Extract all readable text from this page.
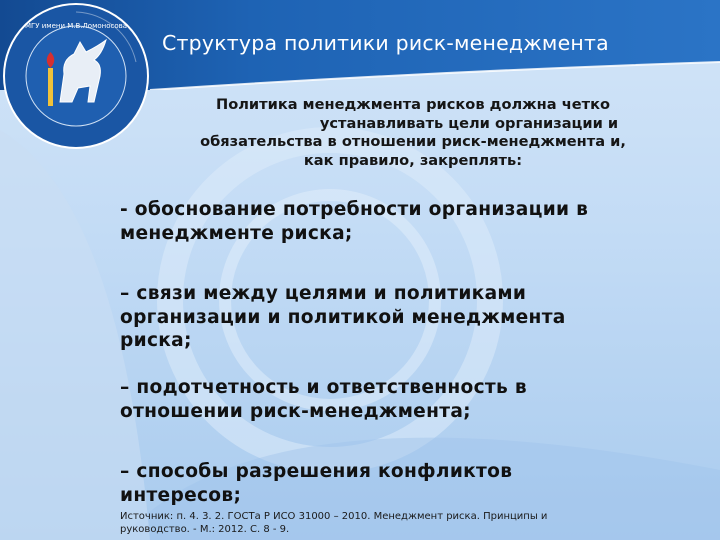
МГУ имени М.В.Ломоносова
Структура политики риск-менеджмента
Политика менеджмента рисков должна четко
устанавливать цели организации и
обязательства в отношении риск-менеджмента и,
как правило, закреплять:
- обоснование потребности организации в
менеджменте риска;
– связи между целями и политиками
организации и политикой менеджмента
риска;
– подотчетность и ответственность в
отношении риск-менеджмента;
– способы разрешения конфликтов
интересов;
Источник: п. 4. 3. 2. ГОСТа Р ИСО 31000 – 2010. Менеджмент риска. Принципы и
руководство. - М.: 2012. С. 8 - 9.
